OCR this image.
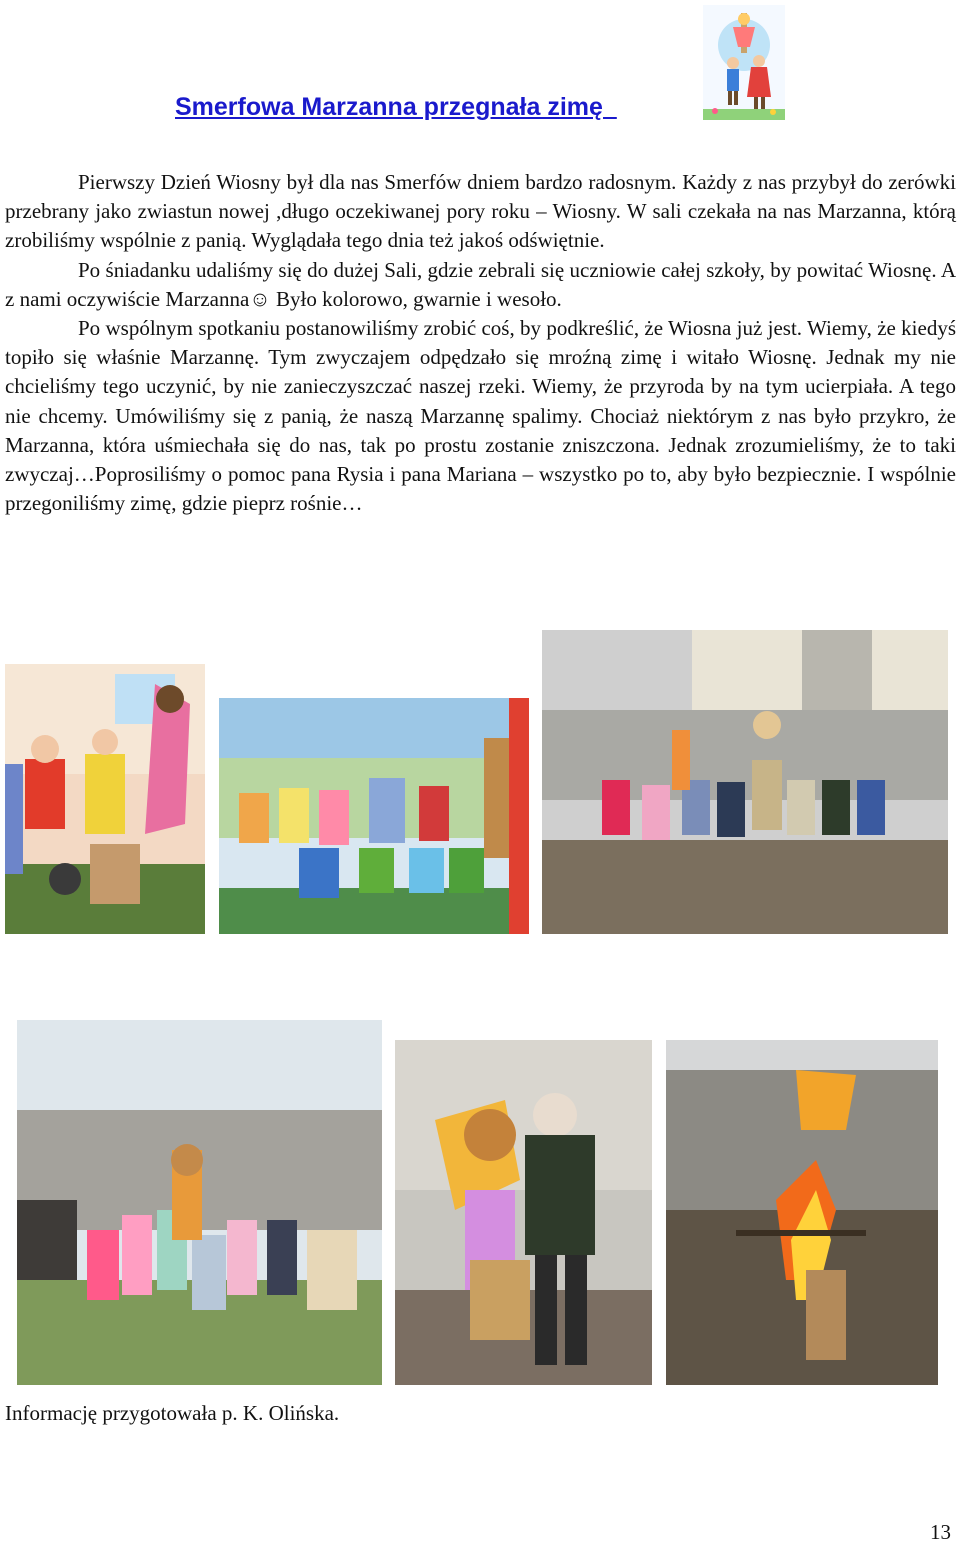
Smerfowa Marzanna przegnała zimę

Pierwszy Dzień Wiosny był dla nas Smerfów dniem bardzo radosnym. Każdy z nas przybył do zerówki przebrany jako zwiastun nowej ,długo oczekiwanej pory roku – Wiosny. W sali czekała na nas Marzanna, którą zrobiliśmy wspólnie z panią. Wyglądała tego dnia też jakoś odświętnie.

Po śniadanku udaliśmy się do dużej Sali, gdzie zebrali się uczniowie całej szkoły, by powitać Wiosnę. A z nami oczywiście Marzanna☺ Było kolorowo, gwarnie i wesoło.

Po wspólnym spotkaniu postanowiliśmy zrobić coś, by podkreślić, że Wiosna już jest. Wiemy, że kiedyś topiło się właśnie Marzannę. Tym zwyczajem odpędzało się mroźną zimę i witało Wiosnę. Jednak my nie chcieliśmy tego uczynić, by nie zanieczyszczać naszej rzeki. Wiemy, że przyroda by na tym ucierpiała. A tego nie chcemy. Umówiliśmy się z panią, że naszą Marzannę spalimy. Chociaż niektórym z nas było przykro, że Marzanna, która uśmiechała się do nas, tak po prostu zostanie zniszczona. Jednak zrozumieliśmy, że to taki zwyczaj…Poprosiliśmy o pomoc pana Rysia i pana Mariana – wszystko po to, aby było bezpiecznie. I wspólnie przegoniliśmy zimę, gdzie pieprz rośnie…

Informację przygotowała p. K. Olińska.
13
